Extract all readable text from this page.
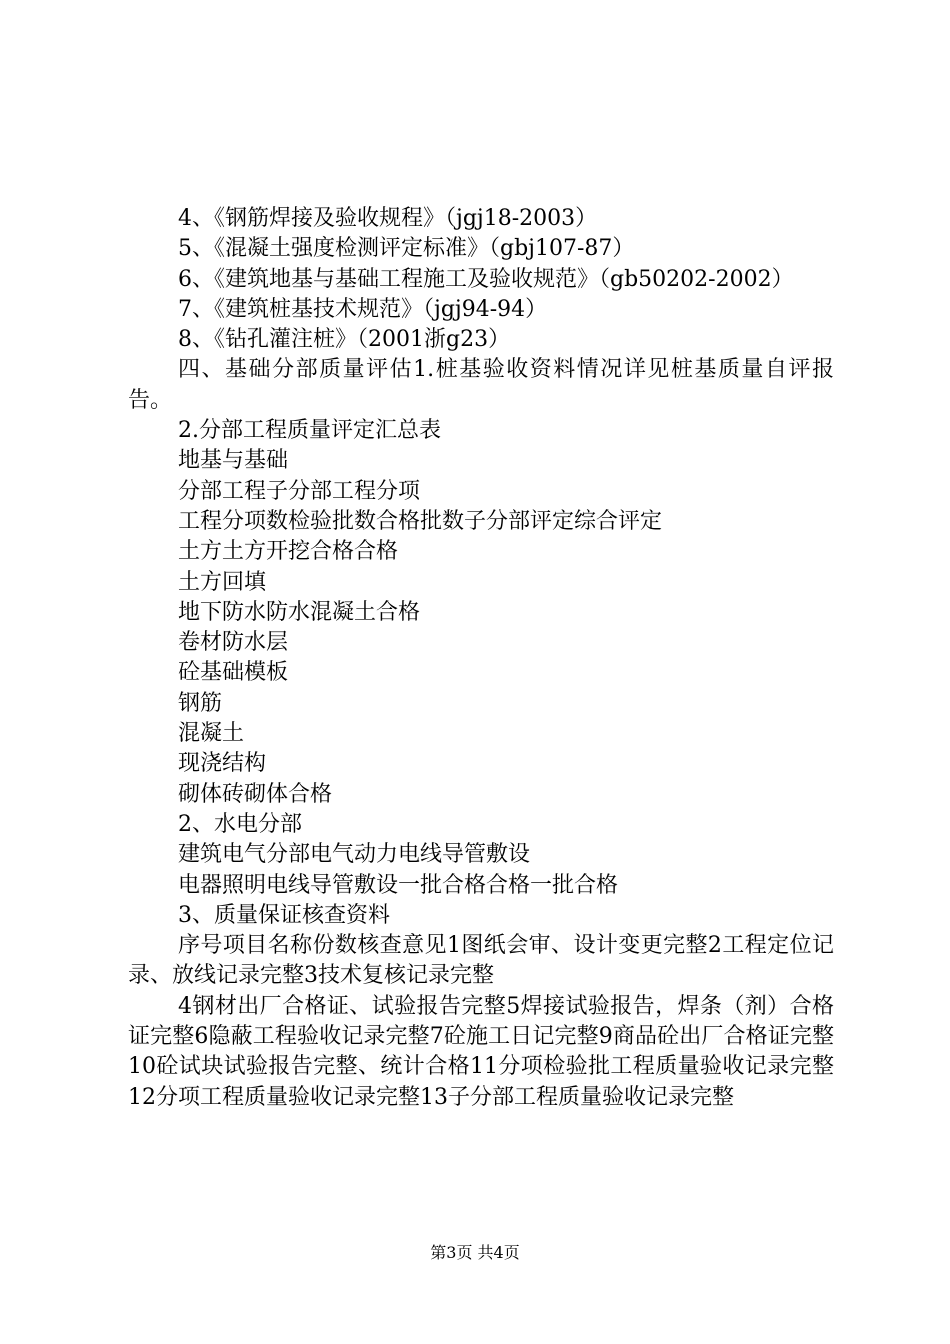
4、《钢筋焊接及验收规程》（jgj18-2003）

5、《混凝土强度检测评定标准》（gbj107-87）

6、《建筑地基与基础工程施工及验收规范》（gb50202-2002）

7、《建筑桩基技术规范》（jgj94-94）

8、《钻孔灌注桩》（2001浙g23）

四、基础分部质量评估1.桩基验收资料情况详见桩基质量自评报告。

2.分部工程质量评定汇总表

地基与基础

分部工程子分部工程分项

工程分项数检验批数合格批数子分部评定综合评定

土方土方开挖合格合格

土方回填

地下防水防水混凝土合格

卷材防水层

砼基础模板

钢筋

混凝土

现浇结构

砌体砖砌体合格

2、水电分部

建筑电气分部电气动力电线导管敷设

电器照明电线导管敷设一批合格合格一批合格

3、质量保证核查资料

序号项目名称份数核查意见1图纸会审、设计变更完整2工程定位记录、放线记录完整3技术复核记录完整

4钢材出厂合格证、试验报告完整5焊接试验报告，焊条（剂）合格证完整6隐蔽工程验收记录完整7砼施工日记完整9商品砼出厂合格证完整10砼试块试验报告完整、统计合格11分项检验批工程质量验收记录完整12分项工程质量验收记录完整13子分部工程质量验收记录完整

第3页 共4页
